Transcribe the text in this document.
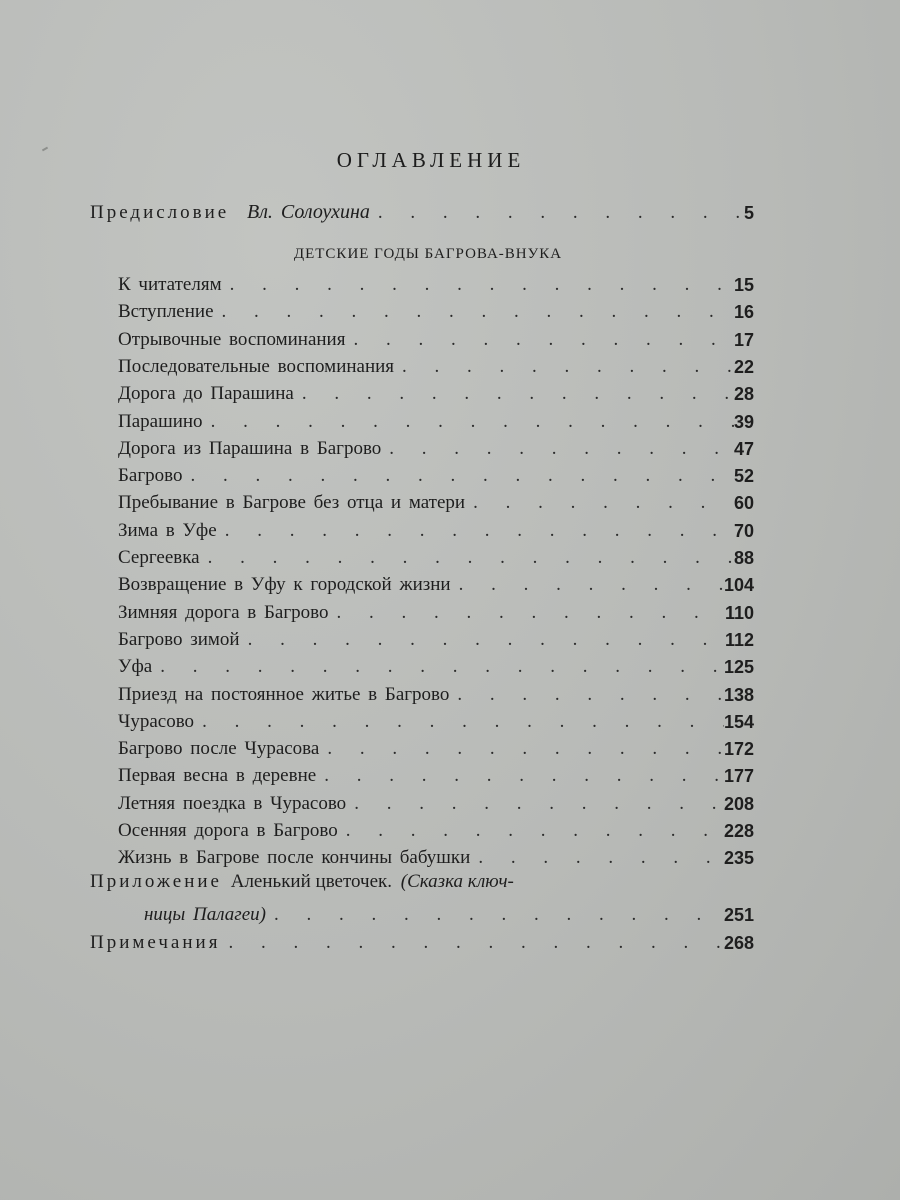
ОГЛАВЛЕНИЕ
Предисловие Вл. Солоухина . . .	5
ДЕТСКИЕ ГОДЫ БАГРОВА-ВНУКА
К читателям . . .	15
Вступление . . .	16
Отрывочные воспоминания . . .	17
Последовательные воспоминания . . .	22
Дорога до Парашина . . .	28
Парашино . . .	39
Дорога из Парашина в Багрово . . .	47
Багрово . . .	52
Пребывание в Багрове без отца и матери . . .	60
Зима в Уфе . . .	70
Сергеевка . . .	88
Возвращение в Уфу к городской жизни . . .	104
Зимняя дорога в Багрово . . .	110
Багрово зимой . . .	112
Уфа . . .	125
Приезд на постоянное житье в Багрово . . .	138
Чурасово . . .	154
Багрово после Чурасова . . .	172
Первая весна в деревне . . .	177
Летняя поездка в Чурасово . . .	208
Осенняя дорога в Багрово . . .	228
Жизнь в Багрове после кончины бабушки . . .	235
Приложение Аленький цветочек. (Сказка ключ-
ницы Палагеи) . . .	251
Примечания . . .	268
